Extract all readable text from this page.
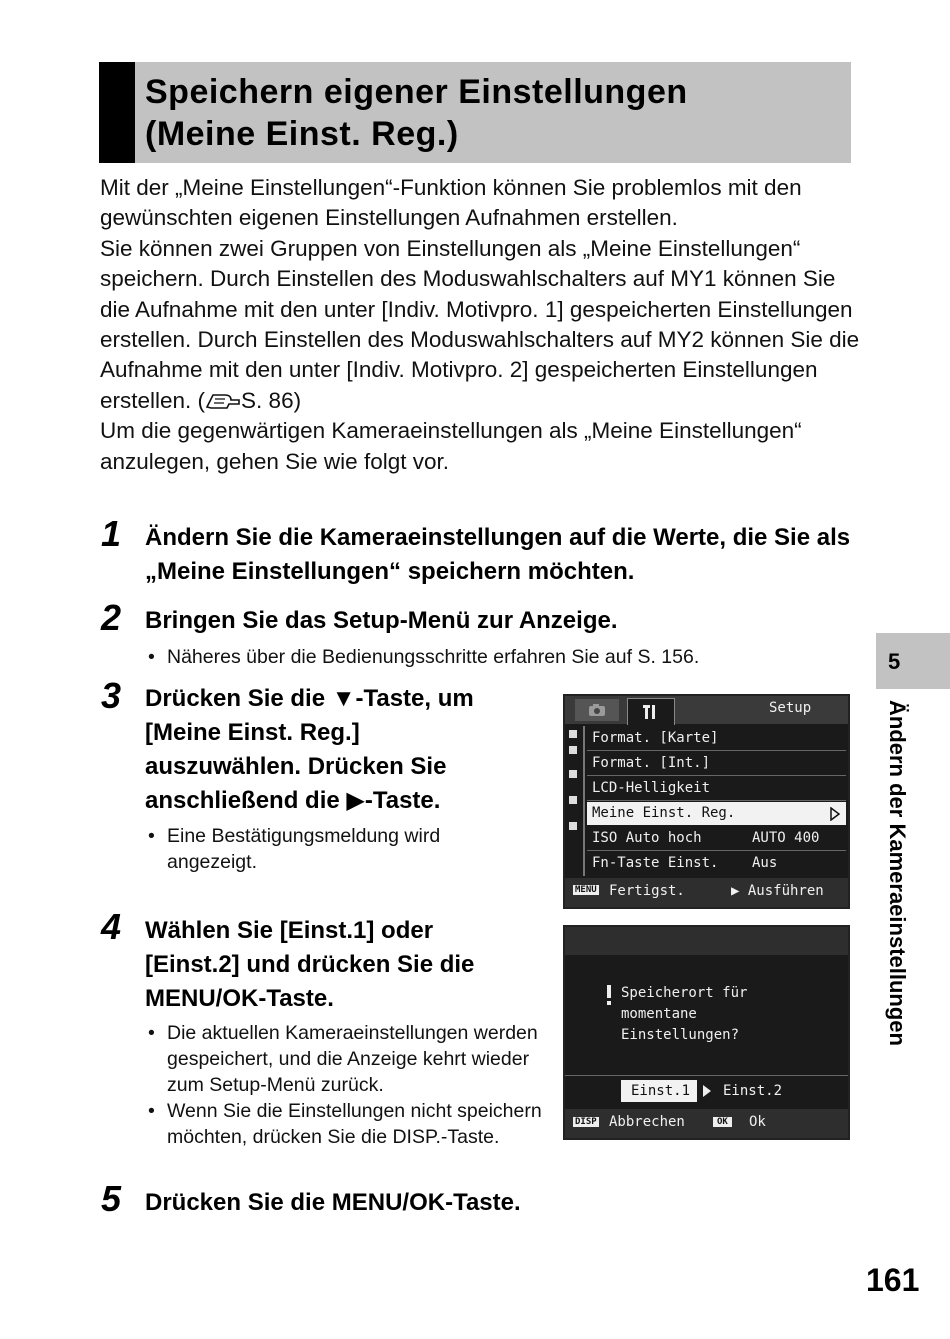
Speichern eigener Einstellungen
(Meine Einst. Reg.)

Mit der „Meine Einstellungen“-Funktion können Sie problemlos mit den gewünschten eigenen Einstellungen Aufnahmen erstellen.

Sie können zwei Gruppen von Einstellungen als „Meine Einstellungen“ speichern. Durch Einstellen des Moduswahlschalters auf MY1 können Sie die Aufnahme mit den unter [Indiv. Motivpro. 1] gespeicherten Einstellungen erstellen. Durch Einstellen des Moduswahlschalters auf MY2 können Sie die Aufnahme mit den unter [Indiv. Motivpro. 2] gespeicherten Einstellungen erstellen. ( S. 86)

Um die gegenwärtigen Kameraeinstellungen als „Meine Einstellungen“ anzulegen, gehen Sie wie folgt vor.

1 Ändern Sie die Kameraeinstellungen auf die Werte, die Sie als „Meine Einstellungen“ speichern möchten.
2 Bringen Sie das Setup-Menü zur Anzeige.
• Näheres über die Bedienungsschritte erfahren Sie auf S. 156.
3 Drücken Sie die ▼-Taste, um
[Meine Einst. Reg.]
auszuwählen. Drücken Sie
anschließend die ▶-Taste.
• Eine Bestätigungsmeldung wird angezeigt.
Setup
Format. [Karte]
Format. [Int.]
LCD-Helligkeit
Meine Einst. Reg.
ISO Auto hoch	AUTO 400
Fn-Taste Einst. Aus
MENU Fertigst.	▶ Ausführen
4 Wählen Sie [Einst.1] oder
[Einst.2] und drücken Sie die
MENU/OK-Taste.
• Die aktuellen Kameraeinstellungen werden gespeichert, und die Anzeige kehrt wieder zum Setup-Menü zurück.
• Wenn Sie die Einstellungen nicht speichern möchten, drücken Sie die DISP.-Taste.
Speicherort für
momentane
Einstellungen?
Einst.1 Einst.2
DISP Abbrechen	OK Ok
5 Drücken Sie die MENU/OK-Taste.
5
Ändern der Kameraeinstellungen
161
